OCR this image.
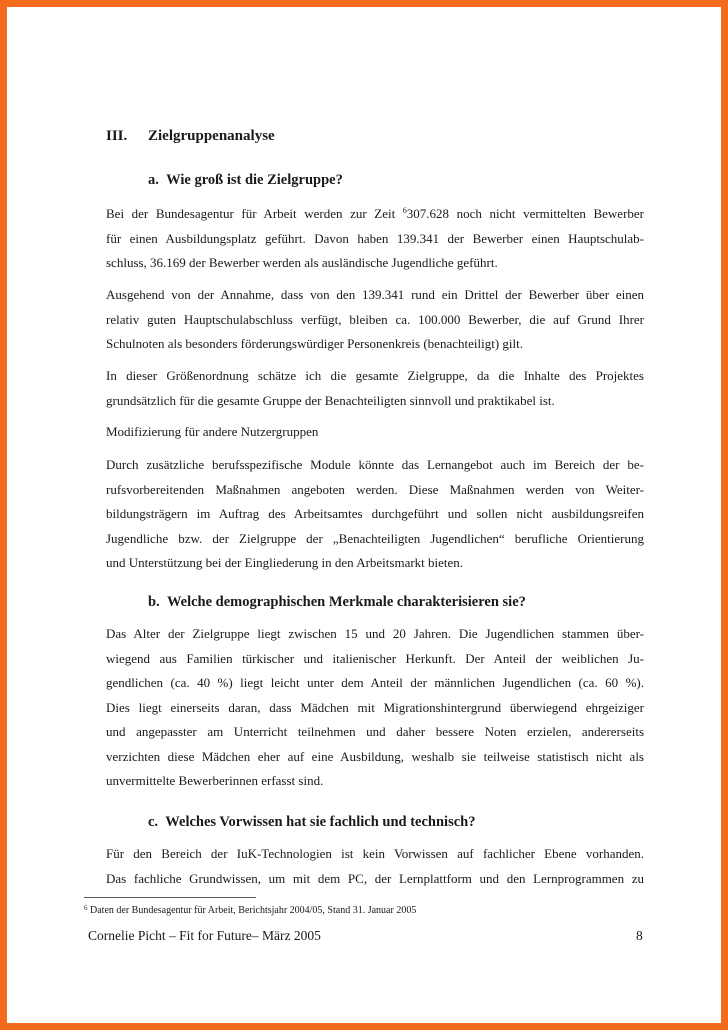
III. Zielgruppenanalyse
a.  Wie groß ist die Zielgruppe?
Bei der Bundesagentur für Arbeit werden zur Zeit $^6$307.628 noch nicht vermittelten Bewerber
für einen Ausbildungsplatz geführt. Davon haben 139.341 der Bewerber einen Hauptschulab-
schluss, 36.169 der Bewerber werden als ausländische Jugendliche geführt.
Ausgehend von der Annahme, dass von den 139.341 rund ein Drittel der Bewerber über einen
relativ guten Hauptschulabschluss verfügt, bleiben ca. 100.000 Bewerber, die auf Grund Ihrer
Schulnoten als besonders förderungswürdiger Personenkreis (benachteiligt) gilt.
In dieser Größenordnung schätze ich die gesamte Zielgruppe, da die Inhalte des Projektes
grundsätzlich für die gesamte Gruppe der Benachteiligten sinnvoll und praktikabel ist.
Modifizierung für andere Nutzergruppen
Durch zusätzliche berufsspezifische Module könnte das Lernangebot auch im Bereich der be-
rufsvorbereitenden Maßnahmen angeboten werden. Diese Maßnahmen werden von Weiter-
bildungsträgern im Auftrag des Arbeitsamtes durchgeführt und sollen nicht ausbildungsreifen
Jugendliche bzw. der Zielgruppe der „Benachteiligten Jugendlichen“ berufliche Orientierung
und Unterstützung bei der Eingliederung in den Arbeitsmarkt bieten.
b.  Welche demographischen Merkmale charakterisieren sie?
Das Alter der Zielgruppe liegt zwischen 15 und 20 Jahren. Die Jugendlichen stammen über-
wiegend aus Familien türkischer und italienischer Herkunft. Der Anteil der weiblichen Ju-
gendlichen (ca. 40 %) liegt leicht unter dem Anteil der männlichen Jugendlichen (ca. 60 %).
Dies liegt einerseits daran, dass Mädchen mit Migrationshintergrund überwiegend ehrgeiziger
und angepasster am Unterricht teilnehmen und daher bessere Noten erzielen, andererseits
verzichten diese Mädchen eher auf eine Ausbildung, weshalb sie teilweise statistisch nicht als
unvermittelte Bewerberinnen erfasst sind.
c.  Welches Vorwissen hat sie fachlich und technisch?
Für den Bereich der IuK-Technologien ist kein Vorwissen auf fachlicher Ebene vorhanden.
Das fachliche Grundwissen, um mit dem PC, der Lernplattform und den Lernprogrammen zu
$^6$ Daten der Bundesagentur für Arbeit, Berichtsjahr 2004/05, Stand 31. Januar 2005
Cornelie Picht – Fit for Future– März 2005	8
